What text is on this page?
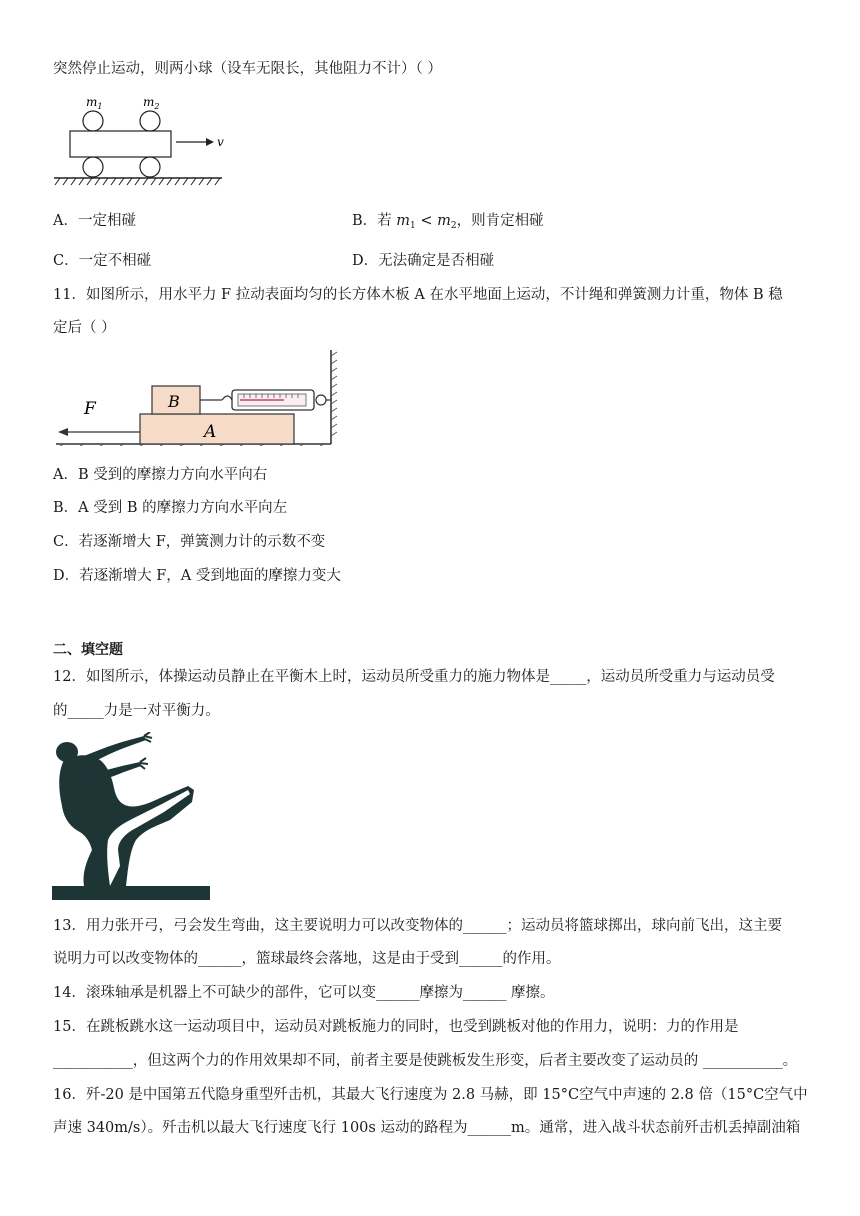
突然停止运动，则两小球（设车无限长，其他阻力不计）（ ）
$m_1$	$m_2$
v
A．一定相碰	B．若 $m_1 < m_2$，则肯定相碰
C．一定不相碰	D．无法确定是否相碰
11．如图所示，用水平力 F 拉动表面均匀的长方体木板 A 在水平地面上运动，不计绳和弹簧测力计重，物体 B 稳
定后（ ）
A
B
F
A．B 受到的摩擦力方向水平向右
B．A 受到 B 的摩擦力方向水平向左
C．若逐渐增大 F，弹簧测力计的示数不变
D．若逐渐增大 F，A 受到地面的摩擦力变大
二、填空题
12．如图所示，体操运动员静止在平衡木上时，运动员所受重力的施力物体是_____，运动员所受重力与运动员受
的_____力是一对平衡力。
13．用力张开弓，弓会发生弯曲，这主要说明力可以改变物体的______；运动员将篮球掷出，球向前飞出，这主要
说明力可以改变物体的______，篮球最终会落地，这是由于受到______的作用。
14．滚珠轴承是机器上不可缺少的部件，它可以变______摩擦为______ 摩擦。
15．在跳板跳水这一运动项目中，运动员对跳板施力的同时，也受到跳板对他的作用力，说明：力的作用是
___________，但这两个力的作用效果却不同，前者主要是使跳板发生形变，后者主要改变了运动员的 ___________。
16．歼-20 是中国第五代隐身重型歼击机，其最大飞行速度为 2.8 马赫，即 15°C空气中声速的 2.8 倍（15°C空气中
声速 340m/s）。歼击机以最大飞行速度飞行 100s 运动的路程为______m。通常，进入战斗状态前歼击机丢掉副油箱
